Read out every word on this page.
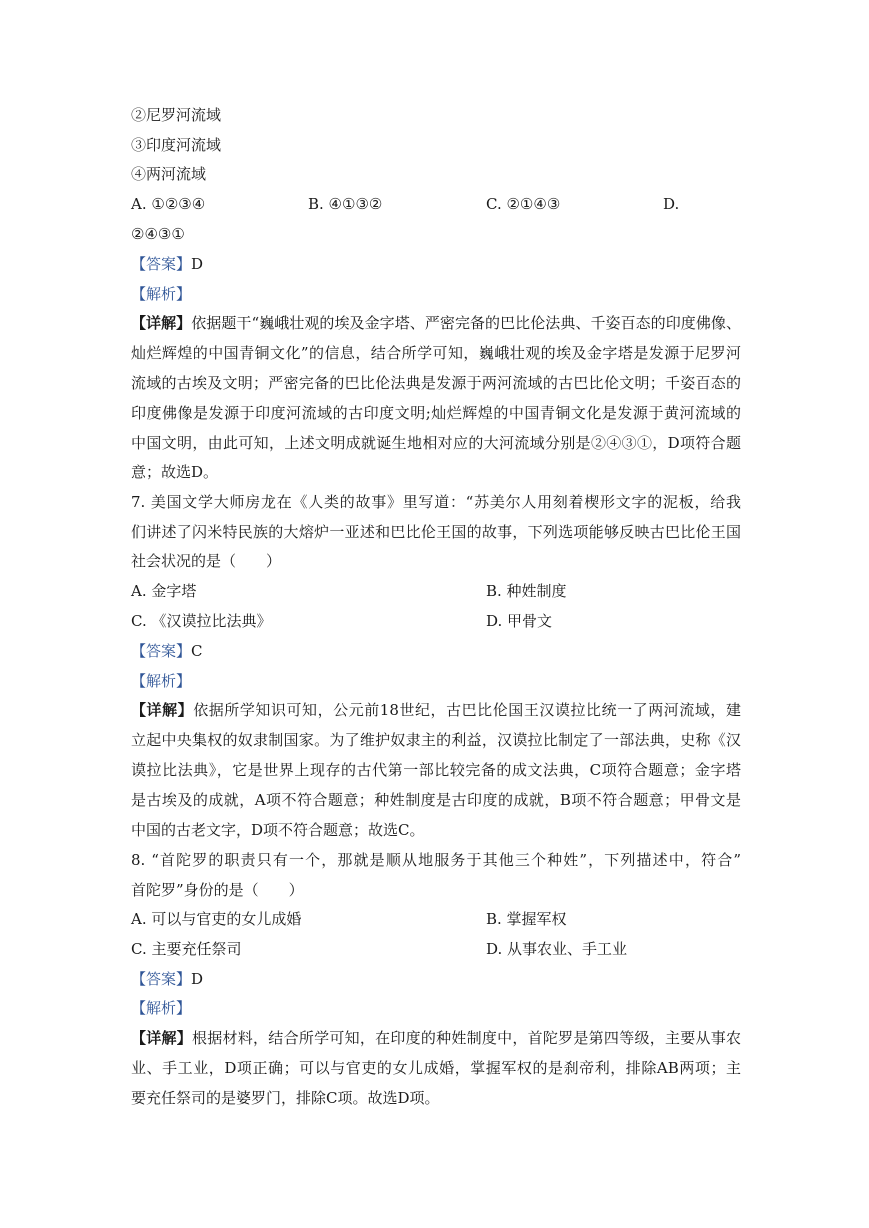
②尼罗河流域
③印度河流域
④两河流域
A. ①②③④	B. ④①③②	C. ②①④③	D.
②④③①
【答案】D
【解析】
【详解】依据题干“巍峨壮观的埃及金字塔、严密完备的巴比伦法典、千姿百态的印度佛像、
灿烂辉煌的中国青铜文化”的信息，结合所学可知，巍峨壮观的埃及金字塔是发源于尼罗河
流域的古埃及文明；严密完备的巴比伦法典是发源于两河流域的古巴比伦文明；千姿百态的
印度佛像是发源于印度河流域的古印度文明;灿烂辉煌的中国青铜文化是发源于黄河流域的
中国文明，由此可知，上述文明成就诞生地相对应的大河流域分别是②④③①，D项符合题
意；故选D。
7. 美国文学大师房龙在《人类的故事》里写道：“苏美尔人用刻着楔形文字的泥板，给我
们讲述了闪米特民族的大熔炉一亚述和巴比伦王国的故事，下列选项能够反映古巴比伦王国
社会状况的是（　　）
A. 金字塔	B. 种姓制度
C. 《汉谟拉比法典》	D. 甲骨文
【答案】C
【解析】
【详解】依据所学知识可知，公元前18世纪，古巴比伦国王汉谟拉比统一了两河流域，建
立起中央集权的奴隶制国家。为了维护奴隶主的利益，汉谟拉比制定了一部法典，史称《汉
谟拉比法典》，它是世界上现存的古代第一部比较完备的成文法典，C项符合题意；金字塔
是古埃及的成就，A项不符合题意；种姓制度是古印度的成就，B项不符合题意；甲骨文是
中国的古老文字，D项不符合题意；故选C。
8. “首陀罗的职责只有一个，那就是顺从地服务于其他三个种姓”，下列描述中，符合”
首陀罗”身份的是（　　）
A. 可以与官吏的女儿成婚	B. 掌握军权
C. 主要充任祭司	D. 从事农业、手工业
【答案】D
【解析】
【详解】根据材料，结合所学可知，在印度的种姓制度中，首陀罗是第四等级，主要从事农
业、手工业，D项正确；可以与官吏的女儿成婚，掌握军权的是刹帝利，排除AB两项；主
要充任祭司的是婆罗门，排除C项。故选D项。
